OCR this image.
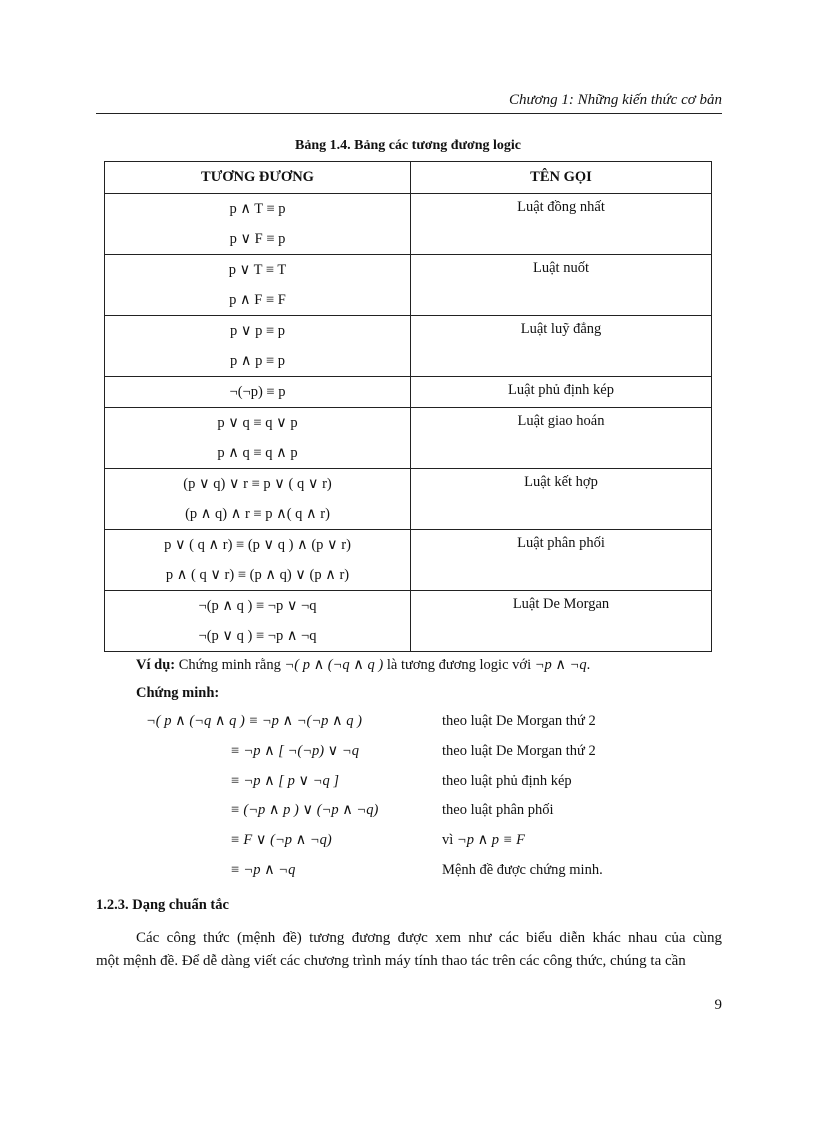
Chương 1: Những kiến thức cơ bản
Bảng 1.4. Bảng các tương đương logic
TƯƠNG ĐƯƠNG	TÊN GỌI

p ∧ T ≡ p
p ∨ F ≡ p	Luật đồng nhất

p ∨ T ≡ T
p ∧ F ≡ F	Luật nuốt

p ∨ p ≡ p
p ∧ p ≡ p	Luật luỹ đẳng

¬(¬p) ≡ p	Luật phủ định kép

p ∨ q ≡ q ∨ p
p ∧ q ≡ q ∧ p	Luật giao hoán

(p ∨ q) ∨ r ≡ p ∨ ( q ∨ r)
(p ∧ q) ∧ r ≡ p ∧( q ∧ r)	Luật kết hợp

p ∨ ( q ∧ r) ≡ (p ∨ q ) ∧ (p ∨ r)
p ∧ ( q ∨ r) ≡ (p ∧ q) ∨ (p ∧ r)	Luật phân phối

¬(p ∧ q ) ≡ ¬p ∨ ¬q
¬(p ∨ q ) ≡ ¬p ∧ ¬q	Luật De Morgan
Ví dụ: Chứng minh rằng ¬( p ∧ (¬q ∧ q ) là tương đương logic với ¬p ∧ ¬q.
Chứng minh:
¬( p ∧ (¬q ∧ q ) ≡ ¬p ∧ ¬(¬p ∧ q )	theo luật De Morgan thứ 2
≡ ¬p ∧ [ ¬(¬p) ∨ ¬q	theo luật De Morgan thứ 2
≡ ¬p ∧ [ p ∨ ¬q ]	theo luật phủ định kép
≡ (¬p ∧ p ) ∨ (¬p ∧ ¬q)	theo luật phân phối
≡ F ∨ (¬p ∧ ¬q)	vì ¬p ∧ p ≡ F
≡ ¬p ∧ ¬q	Mệnh đề được chứng minh.
1.2.3. Dạng chuẩn tắc
Các công thức (mệnh đề) tương đương được xem như các biểu diễn khác nhau của cùng
một mệnh đề. Để dễ dàng viết các chương trình máy tính thao tác trên các công thức, chúng ta cần
9
